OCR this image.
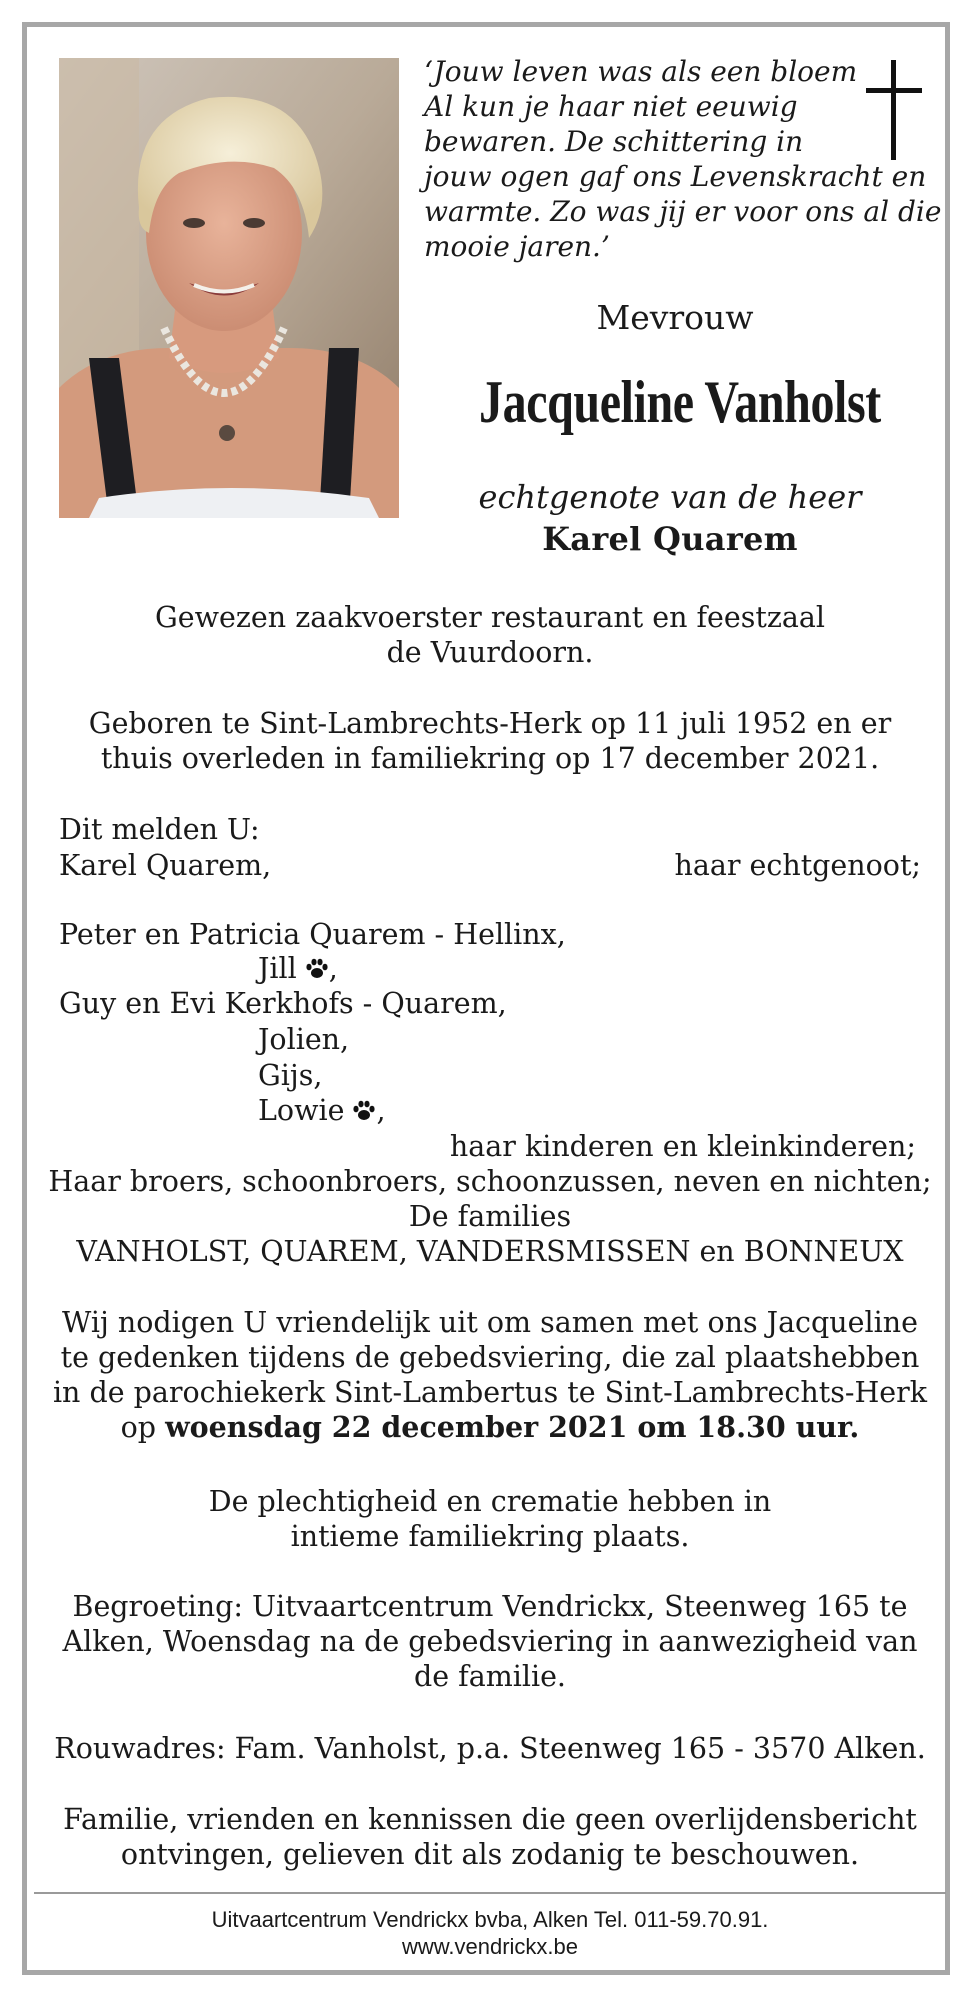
‘Jouw leven was als een bloem
Al kun je haar niet eeuwig
bewaren. De schittering in
jouw ogen gaf ons Levenskracht en
warmte. Zo was jij er voor ons al die
mooie jaren.’
Mevrouw
Jacqueline Vanholst
echtgenote van de heer
Karel Quarem
Gewezen zaakvoerster restaurant en feestzaal
de Vuurdoorn.
Geboren te Sint-Lambrechts-Herk op 11 juli 1952 en er
thuis overleden in familiekring op 17 december 2021.
Dit melden U:
Karel Quarem,	haar echtgenoot;
Peter en Patricia Quarem - Hellinx,
Jill ,
Guy en Evi Kerkhofs - Quarem,
Jolien,
Gijs,
Lowie ,
haar kinderen en kleinkinderen;
Haar broers, schoonbroers, schoonzussen, neven en nichten;
De families
VANHOLST, QUAREM, VANDERSMISSEN en BONNEUX
Wij nodigen U vriendelijk uit om samen met ons Jacqueline
te gedenken tijdens de gebedsviering, die zal plaatshebben
in de parochiekerk Sint-Lambertus te Sint-Lambrechts-Herk
op woensdag 22 december 2021 om 18.30 uur.
De plechtigheid en crematie hebben in
intieme familiekring plaats.
Begroeting: Uitvaartcentrum Vendrickx, Steenweg 165 te
Alken, Woensdag na de gebedsviering in aanwezigheid van
de familie.
Rouwadres: Fam. Vanholst, p.a. Steenweg 165 - 3570 Alken.
Familie, vrienden en kennissen die geen overlijdensbericht
ontvingen, gelieven dit als zodanig te beschouwen.
Uitvaartcentrum Vendrickx bvba, Alken Tel. 011-59.70.91.
www.vendrickx.be
